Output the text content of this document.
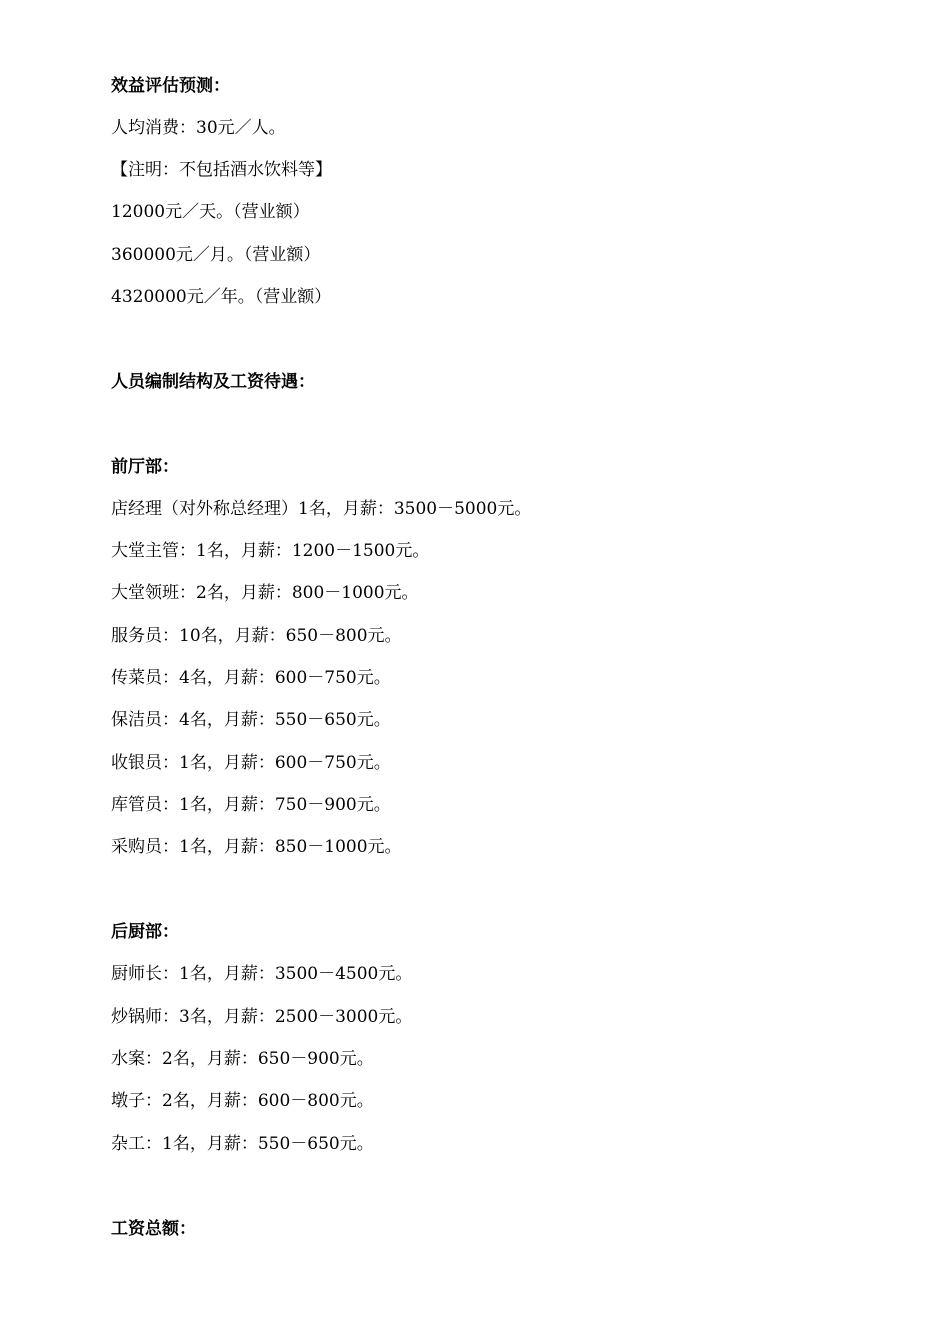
效益评估预测：
人均消费：30元／人。
【注明：不包括酒水饮料等】
12000元／天。（营业额）
360000元／月。（营业额）
4320000元／年。（营业额）
人员编制结构及工资待遇：
前厅部：
店经理（对外称总经理）1名，月薪：3500－5000元。
大堂主管：1名，月薪：1200－1500元。
大堂领班：2名，月薪：800－1000元。
服务员：10名，月薪：650－800元。
传菜员：4名，月薪：600－750元。
保洁员：4名，月薪：550－650元。
收银员：1名，月薪：600－750元。
库管员：1名，月薪：750－900元。
采购员：1名，月薪：850－1000元。
后厨部：
厨师长：1名，月薪：3500－4500元。
炒锅师：3名，月薪：2500－3000元。
水案：2名，月薪：650－900元。
墩子：2名，月薪：600－800元。
杂工：1名，月薪：550－650元。
工资总额：
